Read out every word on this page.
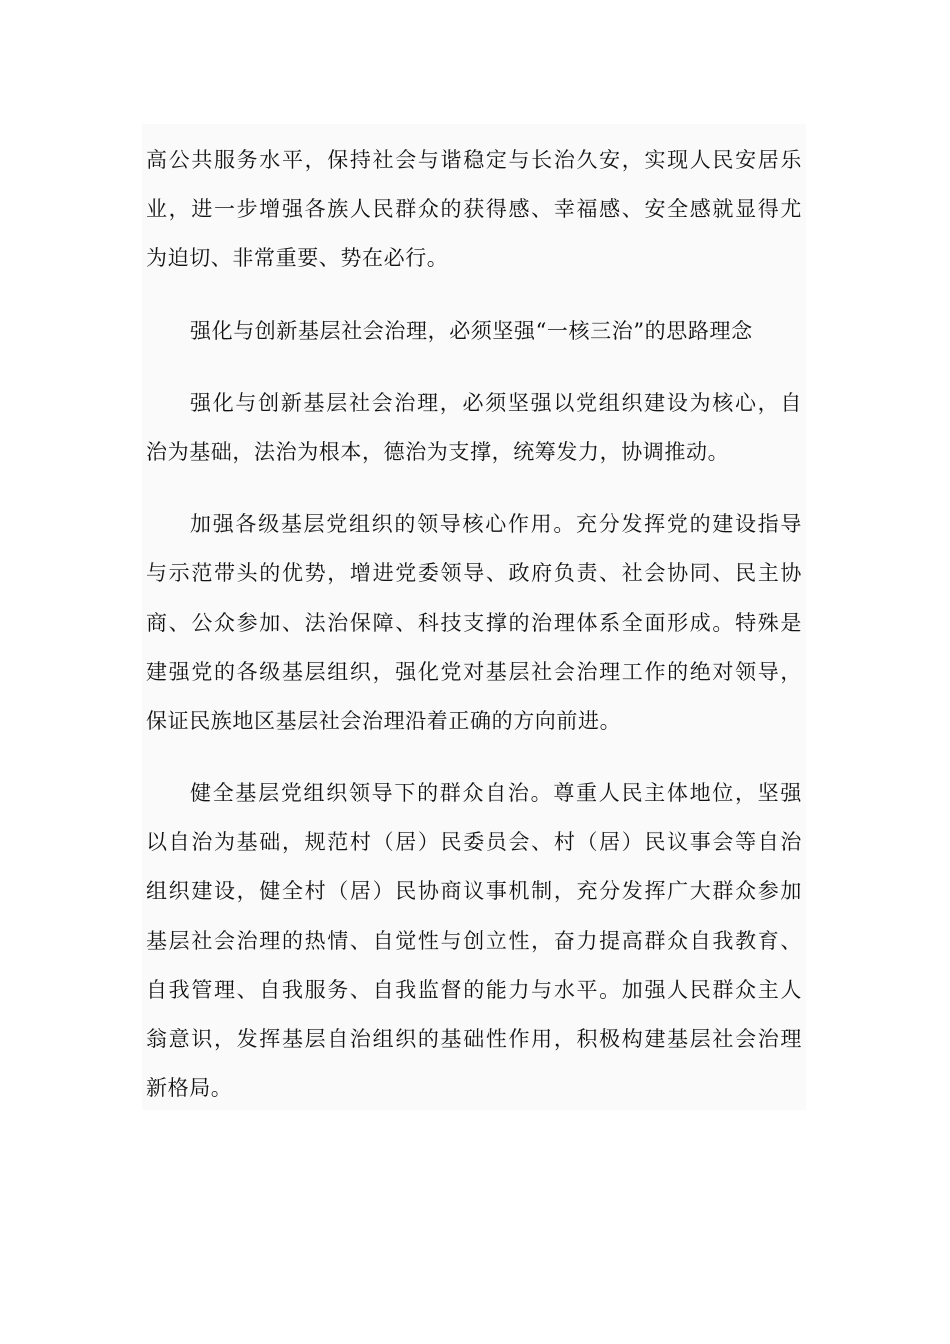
高公共服务水平，保持社会与谐稳定与长治久安，实现人民安居乐
业，进一步增强各族人民群众的获得感、幸福感、安全感就显得尤
为迫切、非常重要、势在必行。
强化与创新基层社会治理，必须坚强“一核三治”的思路理念
强化与创新基层社会治理，必须坚强以党组织建设为核心，自
治为基础，法治为根本，德治为支撑，统筹发力，协调推动。
加强各级基层党组织的领导核心作用。充分发挥党的建设指导
与示范带头的优势，增进党委领导、政府负责、社会协同、民主协
商、公众参加、法治保障、科技支撑的治理体系全面形成。特殊是
建强党的各级基层组织，强化党对基层社会治理工作的绝对领导，
保证民族地区基层社会治理沿着正确的方向前进。
健全基层党组织领导下的群众自治。尊重人民主体地位，坚强
以自治为基础，规范村（居）民委员会、村（居）民议事会等自治
组织建设，健全村（居）民协商议事机制，充分发挥广大群众参加
基层社会治理的热情、自觉性与创立性，奋力提高群众自我教育、
自我管理、自我服务、自我监督的能力与水平。加强人民群众主人
翁意识，发挥基层自治组织的基础性作用，积极构建基层社会治理
新格局。
